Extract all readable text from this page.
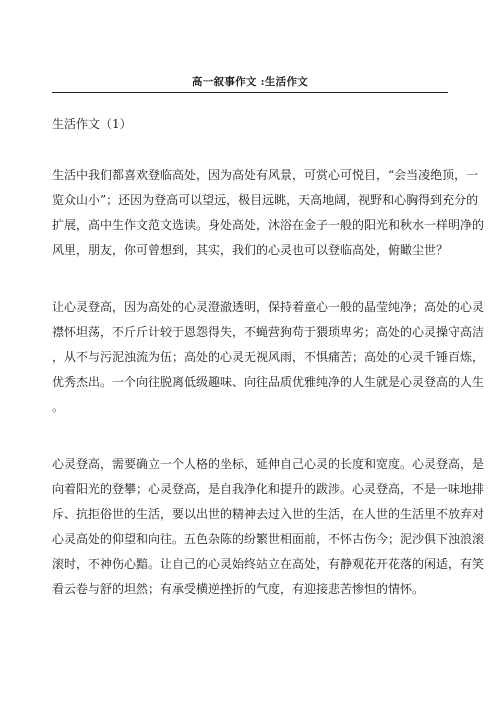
高一叙事作文 :生活作文
生活作文（1）
生活中我们都喜欢登临高处，因为高处有风景，可赏心可悦目，“会当凌绝顶，一
览众山小”；还因为登高可以望远，极目远眺，天高地阔，视野和心胸得到充分的
扩展，高中生作文范文选读。身处高处，沐浴在金子一般的阳光和秋水一样明净的
风里，朋友，你可曾想到，其实，我们的心灵也可以登临高处，俯瞰尘世？
让心灵登高，因为高处的心灵澄澈透明，保持着童心一般的晶莹纯净；高处的心灵
襟怀坦荡，不斤斤计较于恩怨得失，不蝇营狗苟于猥琐卑劣；高处的心灵操守高洁
，从不与污泥浊流为伍；高处的心灵无视风雨，不惧痛苦；高处的心灵千锤百炼，
优秀杰出。一个向往脱离低级趣味、向往品质优雅纯净的人生就是心灵登高的人生
。
心灵登高，需要确立一个人格的坐标，延伸自己心灵的长度和宽度。心灵登高，是
向着阳光的登攀；心灵登高，是自我净化和提升的跋涉。心灵登高，不是一味地排
斥、抗拒俗世的生活，要以出世的精神去过入世的生活，在人世的生活里不放弃对
心灵高处的仰望和向往。五色杂陈的纷繁世相面前，不怀古伤今；泥沙俱下浊浪滚
滚时，不神伤心黯。让自己的心灵始终站立在高处，有静观花开花落的闲适，有笑
看云卷与舒的坦然；有承受横逆挫折的气度，有迎接悲苦惨怛的情怀。
